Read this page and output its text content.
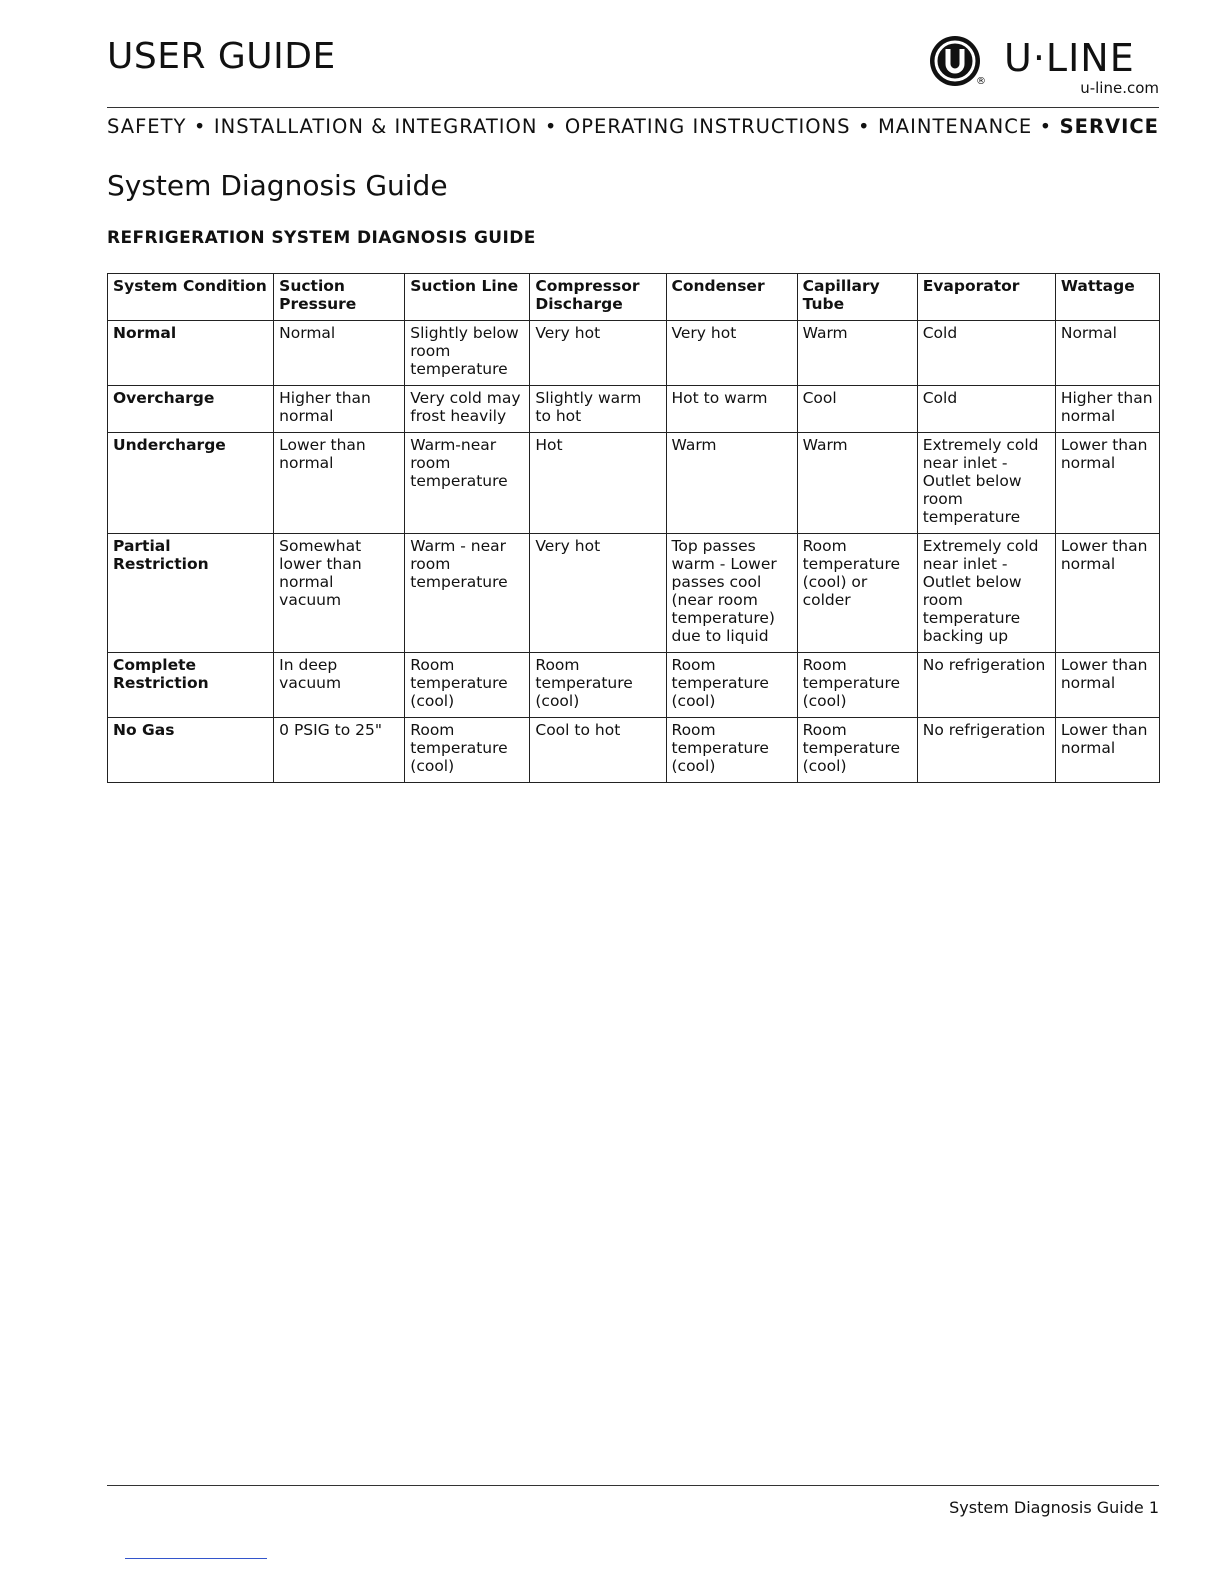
USER GUIDE
®
U·LINE
u-line.com
SAFETY • INSTALLATION & INTEGRATION • OPERATING INSTRUCTIONS • MAINTENANCE • SERVICE
System Diagnosis Guide
REFRIGERATION SYSTEM DIAGNOSIS GUIDE
System Condition	Suction Pressure	Suction Line	Compressor Discharge	Condenser	Capillary Tube	Evaporator	Wattage
Normal	Normal	Slightly below room temperature	Very hot	Very hot	Warm	Cold	Normal
Overcharge	Higher than normal	Very cold may frost heavily	Slightly warm to hot	Hot to warm	Cool	Cold	Higher than normal
Undercharge	Lower than normal	Warm-near room temperature	Hot	Warm	Warm	Extremely cold near inlet - Outlet below room temperature	Lower than normal
Partial Restriction	Somewhat lower than normal vacuum	Warm - near room temperature	Very hot	Top passes warm - Lower passes cool (near room temperature) due to liquid	Room temperature (cool) or colder	Extremely cold near inlet - Outlet below room temperature backing up	Lower than normal
Complete Restriction	In deep vacuum	Room temperature (cool)	Room temperature (cool)	Room temperature (cool)	Room temperature (cool)	No refrigeration	Lower than normal
No Gas	0 PSIG to 25"	Room temperature (cool)	Cool to hot	Room temperature (cool)	Room temperature (cool)	No refrigeration	Lower than normal
System Diagnosis Guide 1
